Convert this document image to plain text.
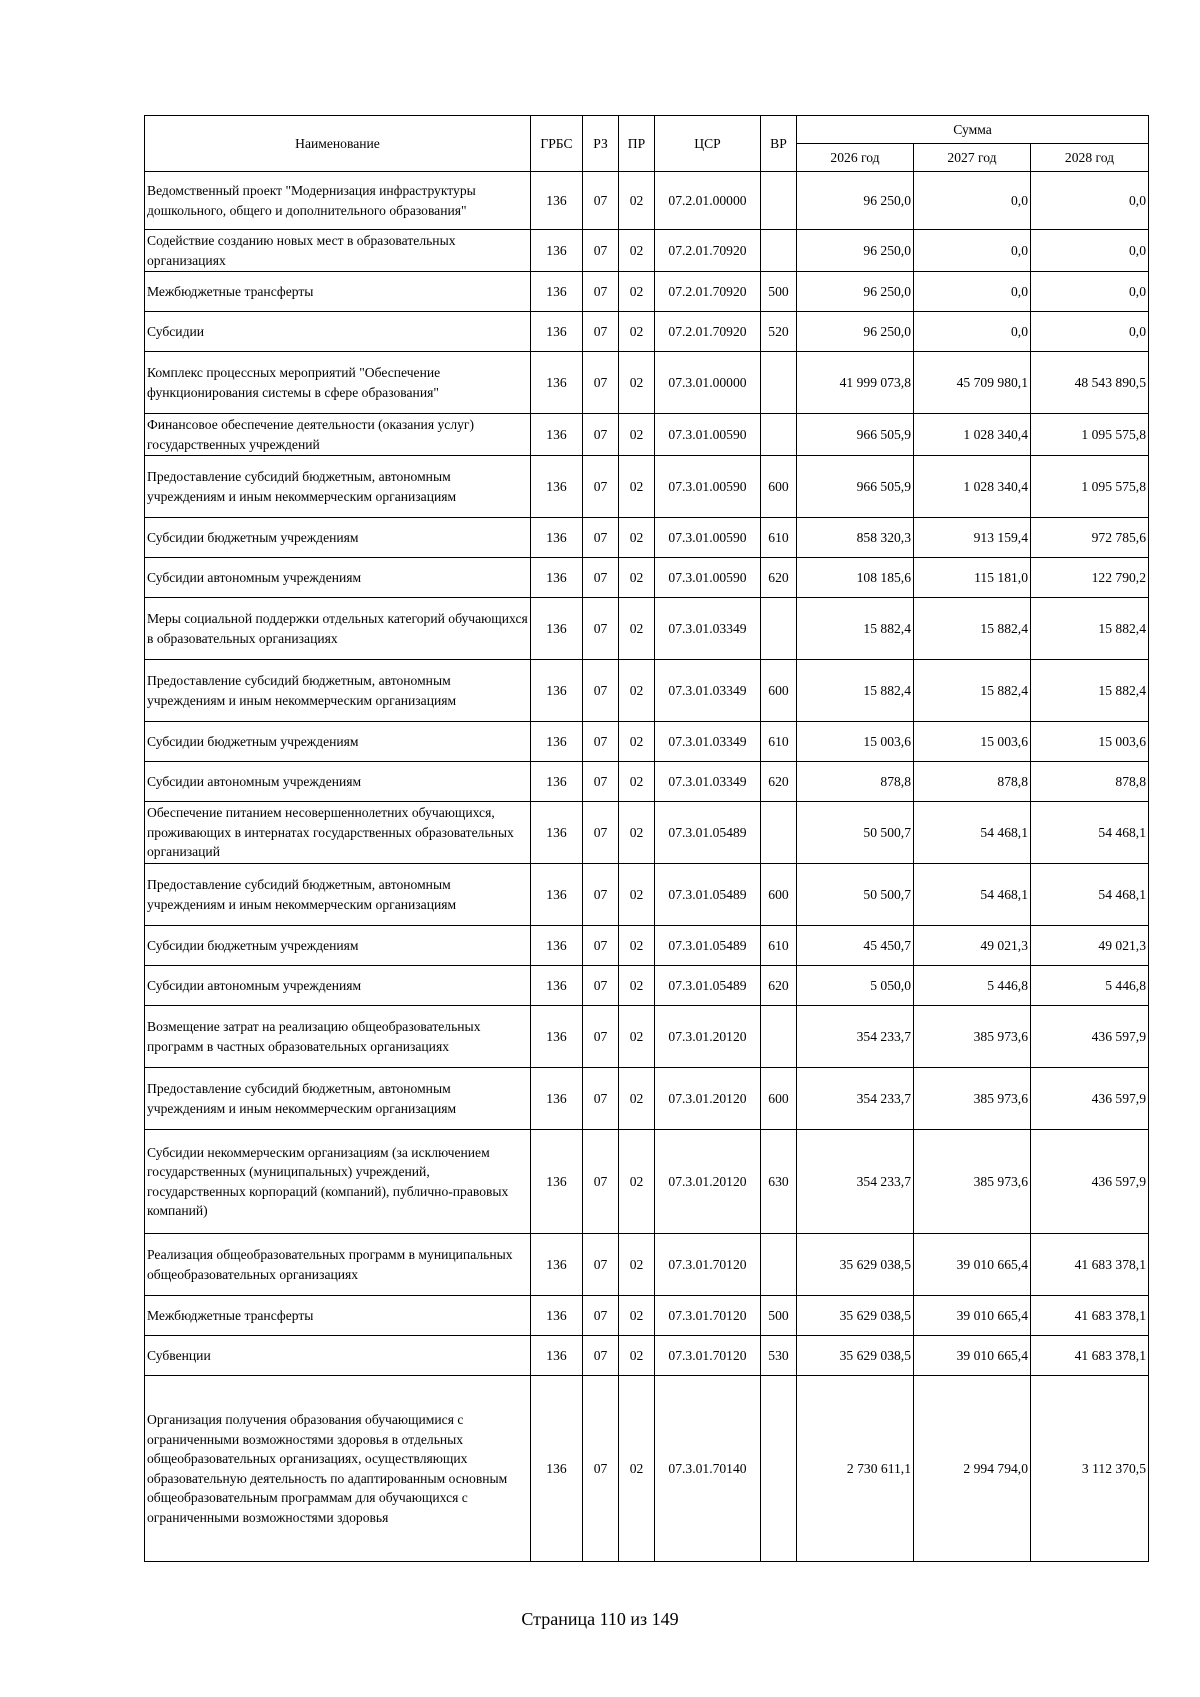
Наименование	ГРБС	РЗ	ПР	ЦСР	ВР	Сумма		
						2026 год	2027 год	2028 год
Ведомственный проект "Модернизация инфраструктуры дошкольного, общего и дополнительного образования"	136	07	02	07.2.01.00000		96 250,0	0,0	0,0
Содействие созданию новых мест в образовательных организациях	136	07	02	07.2.01.70920		96 250,0	0,0	0,0
Межбюджетные трансферты	136	07	02	07.2.01.70920	500	96 250,0	0,0	0,0
Субсидии	136	07	02	07.2.01.70920	520	96 250,0	0,0	0,0
Комплекс процессных мероприятий "Обеспечение функционирования системы в сфере образования"	136	07	02	07.3.01.00000		41 999 073,8	45 709 980,1	48 543 890,5
Финансовое обеспечение деятельности (оказания услуг) государственных учреждений	136	07	02	07.3.01.00590		966 505,9	1 028 340,4	1 095 575,8
Предоставление субсидий бюджетным, автономным учреждениям и иным некоммерческим организациям	136	07	02	07.3.01.00590	600	966 505,9	1 028 340,4	1 095 575,8
Субсидии бюджетным учреждениям	136	07	02	07.3.01.00590	610	858 320,3	913 159,4	972 785,6
Субсидии автономным учреждениям	136	07	02	07.3.01.00590	620	108 185,6	115 181,0	122 790,2
Меры социальной поддержки отдельных категорий обучающихся в образовательных организациях	136	07	02	07.3.01.03349		15 882,4	15 882,4	15 882,4
Предоставление субсидий бюджетным, автономным учреждениям и иным некоммерческим организациям	136	07	02	07.3.01.03349	600	15 882,4	15 882,4	15 882,4
Субсидии бюджетным учреждениям	136	07	02	07.3.01.03349	610	15 003,6	15 003,6	15 003,6
Субсидии автономным учреждениям	136	07	02	07.3.01.03349	620	878,8	878,8	878,8
Обеспечение питанием несовершеннолетних обучающихся, проживающих в интернатах государственных образовательных организаций	136	07	02	07.3.01.05489		50 500,7	54 468,1	54 468,1
Предоставление субсидий бюджетным, автономным учреждениям и иным некоммерческим организациям	136	07	02	07.3.01.05489	600	50 500,7	54 468,1	54 468,1
Субсидии бюджетным учреждениям	136	07	02	07.3.01.05489	610	45 450,7	49 021,3	49 021,3
Субсидии автономным учреждениям	136	07	02	07.3.01.05489	620	5 050,0	5 446,8	5 446,8
Возмещение затрат на реализацию общеобразовательных программ в частных образовательных организациях	136	07	02	07.3.01.20120		354 233,7	385 973,6	436 597,9
Предоставление субсидий бюджетным, автономным учреждениям и иным некоммерческим организациям	136	07	02	07.3.01.20120	600	354 233,7	385 973,6	436 597,9
Субсидии некоммерческим организациям (за исключением государственных (муниципальных) учреждений, государственных корпораций (компаний), публично-правовых компаний)	136	07	02	07.3.01.20120	630	354 233,7	385 973,6	436 597,9
Реализация общеобразовательных программ в муниципальных общеобразовательных организациях	136	07	02	07.3.01.70120		35 629 038,5	39 010 665,4	41 683 378,1
Межбюджетные трансферты	136	07	02	07.3.01.70120	500	35 629 038,5	39 010 665,4	41 683 378,1
Субвенции	136	07	02	07.3.01.70120	530	35 629 038,5	39 010 665,4	41 683 378,1
Организация получения образования обучающимися с ограниченными возможностями здоровья в отдельных общеобразовательных организациях, осуществляющих образовательную деятельность по адаптированным основным общеобразовательным программам для обучающихся с ограниченными возможностями здоровья	136	07	02	07.3.01.70140		2 730 611,1	2 994 794,0	3 112 370,5
Страница 110 из 149
